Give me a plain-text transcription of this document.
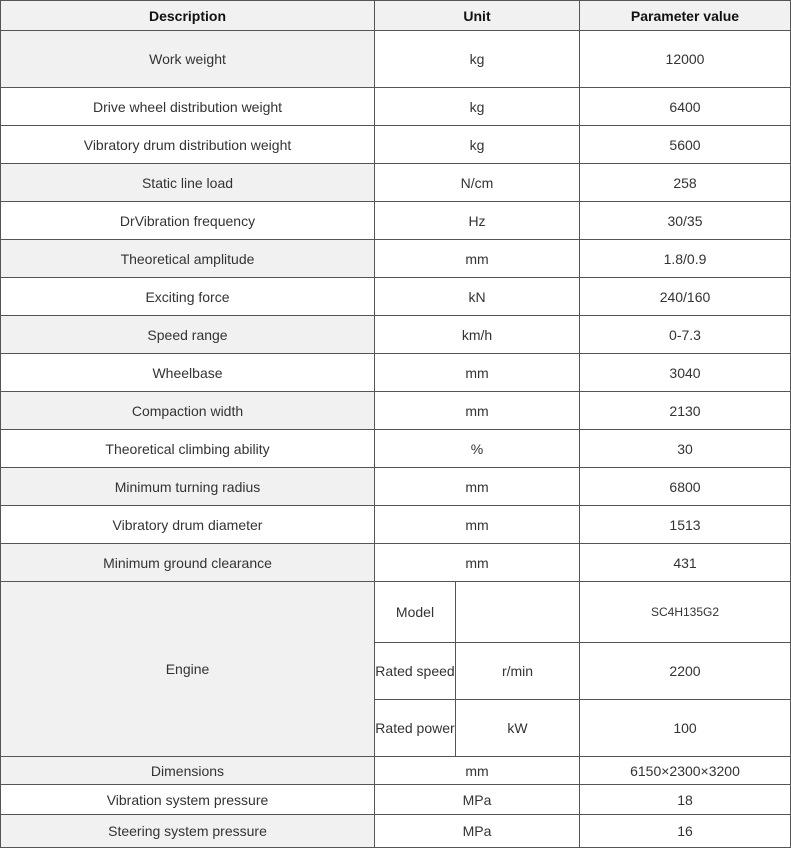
Description	Unit		Parameter value
Work weight	kg		12000
Drive wheel distribution weight	kg		6400
Vibratory drum distribution weight	kg		5600
Static line load	N/cm		258
DrVibration frequency	Hz		30/35
Theoretical amplitude	mm		1.8/0.9
Exciting force	kN		240/160
Speed range	km/h		0-7.3
Wheelbase	mm		3040
Compaction width	mm		2130
Theoretical climbing ability	%		30
Minimum turning radius	mm		6800
Vibratory drum diameter	mm		1513
Minimum ground clearance	mm		431
Engine	Model		SC4H135G2
	Rated speed	r/min	2200
	Rated power	kW	100
Dimensions	mm		6150×2300×3200
Vibration system pressure	MPa		18
Steering system pressure	MPa		16
